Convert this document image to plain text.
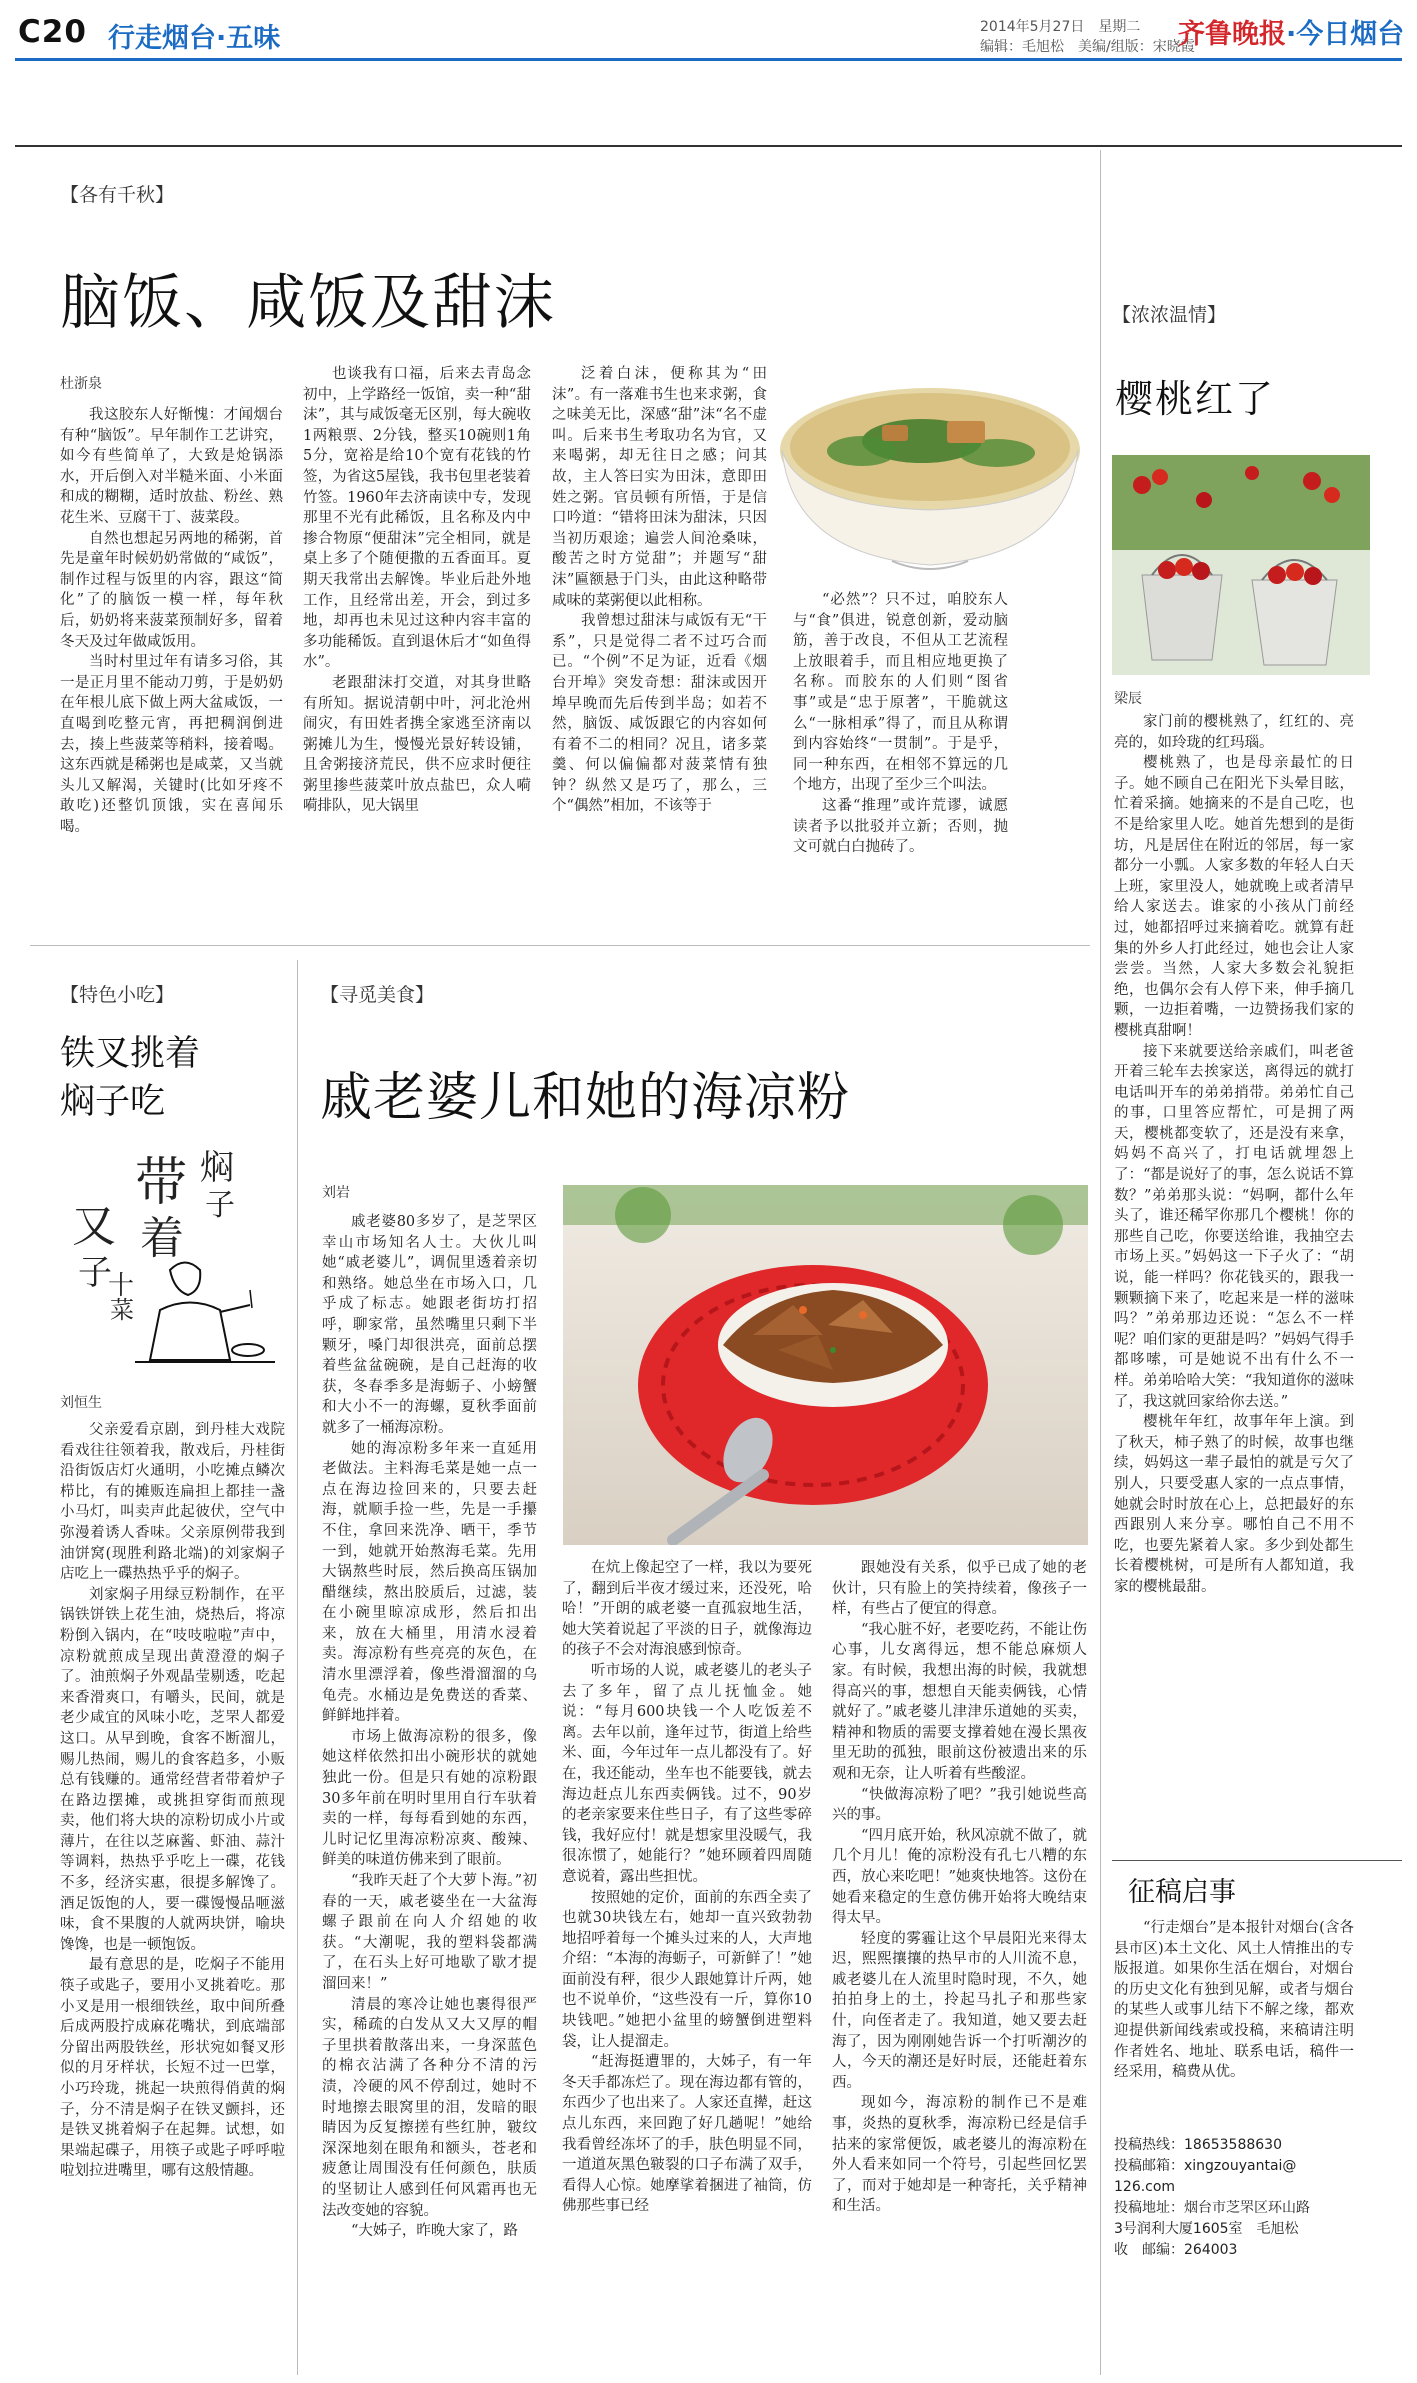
C20 行走烟台·五味	2014年5月27日　星期二
编辑：毛旭松　美编/组版：宋晓霞
齐鲁晚报·今日烟台
【各有千秋】
脑饭、咸饭及甜沫
杜浙泉

我这胶东人好惭愧：才闻烟台有种“脑饭”。早年制作工艺讲究，如今有些简单了，大致是炝锅添水，开后倒入对半糙米面、小米面和成的糊糊，适时放盐、粉丝、熟花生米、豆腐干丁、菠菜段。

自然也想起另两地的稀粥，首先是童年时候奶奶常做的“咸饭”，制作过程与饭里的内容，跟这“简化”了的脑饭一模一样，每年秋后，奶奶将来菠菜预制好多，留着冬天及过年做咸饭用。

当时村里过年有请多习俗，其一是正月里不能动刀剪，于是奶奶在年根儿底下做上两大盆咸饭，一直喝到吃整元宵，再把稠润倒进去，揍上些菠菜等稍料，接着喝。这东西就是稀粥也是咸菜，又当就头儿又解渴，关键时(比如牙疼不敢吃)还整饥顶饿，实在喜闻乐喝。

也谈我有口福，后来去青岛念初中，上学路经一饭馆，卖一种“甜沫”，其与咸饭毫无区别，每大碗收1两粮票、2分钱，整买10碗则1角5分，宽裕是给10个宽有花钱的竹签，为省这5屋钱，我书包里老装着竹签。1960年去济南读中专，发现那里不光有此稀饭，且名称及内中掺合物原“便甜沫”完全相同，就是桌上多了个随便撒的五香面耳。夏期天我常出去解馋。毕业后赴外地工作，且经常出差，开会，到过多地，却再也未见过这种内容丰富的多功能稀饭。直到退休后才“如鱼得水”。

老跟甜沫打交道，对其身世略有所知。据说清朝中叶，河北沧州闹灾，有田姓者携全家逃至济南以粥摊儿为生，慢慢光景好转设铺，且舍粥接济荒民，供不应求时便往粥里掺些菠菜叶放点盐巴，众人嗬嗬排队，见大锅里

泛着白沫，便称其为“田沫”。有一落难书生也来求粥，食之味美无比，深感“甜”沫“名不虚叫。后来书生考取功名为官，又来喝粥，却无往日之感；问其故，主人答曰实为田沫，意即田姓之粥。官员顿有所悟，于是信口吟道：“错将田沫为甜沫，只因当初历艰途；遍尝人间沧桑味，酸苦之时方觉甜”；并题写“甜沫”匾额悬于门头，由此这种略带咸味的菜粥便以此相称。

我曾想过甜沫与咸饭有无“干系”，只是觉得二者不过巧合而已。“个例”不足为证，近看《烟台开埠》突发奇想：甜沫或因开埠早晚而先后传到半岛；如若不然，脑饭、咸饭跟它的内容如何有着不二的相同？况且，诸多菜羹、何以偏偏都对菠菜情有独钟？纵然又是巧了，那么，三个“偶然”相加，不该等于

“必然”？只不过，咱胶东人与“食”俱进，锐意创新，爱动脑筋，善于改良，不但从工艺流程上放眼着手，而且相应地更换了名称。而胶东的人们则“图省事”或是“忠于原著”，干脆就这么“一脉相承”得了，而且从称谓到内容始终“一贯制”。于是乎，同一种东西，在相邻不算远的几个地方，出现了至少三个叫法。

这番“推理”或许荒谬，诚愿读者予以批驳并立新；否则，抛文可就白白抛砖了。

【浓浓温情】
樱桃红了
梁辰

家门前的樱桃熟了，红红的、亮亮的，如玲珑的红玛瑙。

樱桃熟了，也是母亲最忙的日子。她不顾自己在阳光下头晕目眩，忙着采摘。她摘来的不是自己吃，也不是给家里人吃。她首先想到的是街坊，凡是居住在附近的邻居，每一家都分一小瓢。人家多数的年轻人白天上班，家里没人，她就晚上或者清早给人家送去。谁家的小孩从门前经过，她都招呼过来摘着吃。就算有赶集的外乡人打此经过，她也会让人家尝尝。当然，人家大多数会礼貌拒绝，也偶尔会有人停下来，伸手摘几颗，一边拒着嘴，一边赞扬我们家的樱桃真甜啊！

接下来就要送给亲戚们，叫老爸开着三轮车去挨家送，离得远的就打电话叫开车的弟弟捎带。弟弟忙自己的事，口里答应帮忙，可是拥了两天，樱桃都变软了，还是没有来拿，妈妈不高兴了，打电话就埋怨上了：“都是说好了的事，怎么说话不算数？”弟弟那头说：“妈啊，都什么年头了，谁还稀罕你那几个樱桃！你的那些自己吃，你要送给谁，我抽空去市场上买。”妈妈这一下子火了：“胡说，能一样吗？你花钱买的，跟我一颗颗摘下来了，吃起来是一样的滋味吗？”弟弟那边还说：“怎么不一样呢？咱们家的更甜是吗？”妈妈气得手都哆嗦，可是她说不出有什么不一样。弟弟哈哈大笑：“我知道你的滋味了，我这就回家给你去送。”

樱桃年年红，故事年年上演。到了秋天，柿子熟了的时候，故事也继续，妈妈这一辈子最怕的就是亏欠了别人，只要受惠人家的一点点事情，她就会时时放在心上，总把最好的东西跟别人来分享。哪怕自己不用不吃，也要先紧着人家。多少到处都生长着樱桃树，可是所有人都知道，我家的樱桃最甜。

征稿启事

“行走烟台”是本报针对烟台(含各县市区)本土文化、风土人情推出的专版报道。如果你生活在烟台，对烟台的历史文化有独到见解，或者与烟台的某些人或事儿结下不解之缘，都欢迎提供新闻线索或投稿，来稿请注明作者姓名、地址、联系电话，稿件一经采用，稿费从优。

投稿热线：18653588630
投稿邮箱：xingzouyantai@
126.com
投稿地址：烟台市芝罘区环山路
3号润利大厦1605室　毛旭松
收　邮编：264003
【特色小吃】
铁叉挑着
焖子吃
又
带 焖
子
着
子
十
菜
刘恒生

父亲爱看京剧，到丹桂大戏院看戏往往领着我，散戏后，丹桂街沿街饭店灯火通明，小吃摊点鳞次栉比，有的摊贩连扁担上都挂一盏小马灯，叫卖声此起彼伏，空气中弥漫着诱人香味。父亲原例带我到油饼窝(现胜利路北端)的刘家焖子店吃上一碟热热乎乎的焖子。

刘家焖子用绿豆粉制作，在平锅铁饼铁上花生油，烧热后，将凉粉倒入锅内，在“吱吱啦啦”声中，凉粉就煎成呈现出黄澄澄的焖子了。油煎焖子外观晶莹剔透，吃起来香滑爽口，有嚼头，民间，就是老少咸宜的风味小吃，芝罘人都爱这口。从早到晚，食客不断溜儿，赐儿热闹，赐儿的食客趋多，小贩总有钱赚的。通常经营者带着炉子在路边摆摊，或挑担穿街而煎现卖，他们将大块的凉粉切成小片或薄片，在往以芝麻酱、虾油、蒜汁等调料，热热乎乎吃上一碟，花钱不多，经济实惠，很提多解馋了。酒足饭饱的人，要一碟馒慢品咂滋味，食不果腹的人就两块饼，喻块馋馋，也是一顿饱饭。

最有意思的是，吃焖子不能用筷子或匙子，要用小叉挑着吃。那小叉是用一根细铁丝，取中间所叠后成两股拧成麻花嘴状，到底端部分留出两股铁丝，形状宛如餐叉形似的月牙样状，长短不过一巴掌，小巧玲珑，挑起一块煎得俏黄的焖子，分不清是焖子在铁叉颤抖，还是铁叉挑着焖子在起舞。试想，如果端起碟子，用筷子或匙子呼呼啦啦划拉进嘴里，哪有这般情趣。

【寻觅美食】
戚老婆儿和她的海凉粉
刘岩

戚老婆80多岁了，是芝罘区幸山市场知名人士。大伙儿叫她“戚老婆儿”，调侃里透着亲切和熟络。她总坐在市场入口，几乎成了标志。她跟老街坊打招呼，聊家常，虽然嘴里只剩下半颗牙，嗓门却很洪亮，面前总摆着些盆盆碗碗，是自己赶海的收获，冬春季多是海蛎子、小螃蟹和大小不一的海螺，夏秋季面前就多了一桶海凉粉。

她的海凉粉多年来一直延用老做法。主料海毛菜是她一点一点在海边捡回来的，只要去赶海，就顺手捡一些，先是一手攥不住，拿回来洗净、晒干，季节一到，她就开始熬海毛菜。先用大锅熬些时辰，然后换高压锅加醋继续，熬出胶质后，过滤，装在小碗里晾凉成形，然后扣出来，放在大桶里，用清水浸着卖。海凉粉有些亮亮的灰色，在清水里漂浮着，像些滑溜溜的乌龟壳。水桶边是免费送的香菜、鲜鲜地拌着。

市场上做海凉粉的很多，像她这样依然扣出小碗形状的就她独此一份。但是只有她的凉粉跟30多年前在明时里用自行车驮着卖的一样，每每看到她的东西，儿时记忆里海凉粉凉爽、酸辣、鲜美的味道仿佛来到了眼前。

“我昨天赶了个大萝卜海。”初春的一天，戚老婆坐在一大盆海螺子跟前在向人介绍她的收获。“大潮呢，我的塑料袋都满了，在石头上好可地歇了歇才提溜回来！”

清晨的寒冷让她也裹得很严实，稀疏的白发从又大又厚的帽子里拱着散落出来，一身深蓝色的棉衣沾满了各种分不清的污渍，冷硬的风不停刮过，她时不时地擦去眼窝里的泪，发暗的眼睛因为反复擦搓有些红肿，皲纹深深地刻在眼角和额头，苍老和疲惫让周围没有任何颜色，肤质的坚韧让人感到任何风霜再也无法改变她的容貌。

“大姊子，昨晚大家了，路

在炕上像起空了一样，我以为要死了，翻到后半夜才缓过来，还没死，哈哈！”开朗的戚老婆一直孤寂地生活，她大笑着说起了平淡的日子，就像海边的孩子不会对海浪感到惊奇。

听市场的人说，戚老婆儿的老头子去了多年，留了点儿抚恤金。她说：“每月600块钱一个人吃饭差不离。去年以前，逢年过节，街道上给些米、面，今年过年一点儿都没有了。好在，我还能动，坐车也不能要钱，就去海边赶点儿东西卖俩钱。过不，90岁的老亲家要来住些日子，有了这些零碎钱，我好应付！就是想家里没暖气，我很冻惯了，她能行？”她环顾着四周随意说着，露出些担忧。

按照她的定价，面前的东西全卖了也就30块钱左右，她却一直兴致勃勃地招呼着每一个摊头过来的人，大声地介绍：“本海的海蛎子，可新鲜了！”她面前没有秤，很少人跟她算计斤两，她也不说单价，“这些没有一斤，算你10块钱吧。”她把小盆里的螃蟹倒进塑料袋，让人提溜走。

“赶海挺遭罪的，大姊子，有一年冬天手都冻烂了。现在海边都有管的，东西少了也出来了。人家还直撵，赶这点儿东西，来回跑了好几趟呢！”她给我看曾经冻坏了的手，肤色明显不同，一道道灰黑色皲裂的口子布满了双手，看得人心惊。她摩挲着捆进了袖筒，仿佛那些事已经

跟她没有关系，似乎已成了她的老伙计，只有脸上的笑持续着，像孩子一样，有些占了便宜的得意。

“我心脏不好，老要吃药，不能让伤心事，儿女离得远，想不能总麻烦人家。有时候，我想出海的时候，我就想得高兴的事，想想自天能卖俩钱，心情就好了。”戚老婆儿津津乐道她的买卖，精神和物质的需要支撑着她在漫长黑夜里无助的孤独，眼前这份被遗出来的乐观和无奈，让人听着有些酸涩。

“快做海凉粉了吧？”我引她说些高兴的事。

“四月底开始，秋风凉就不做了，就几个月儿！俺的凉粉没有孔七八糟的东西，放心来吃吧！”她爽快地答。这份在她看来稳定的生意仿佛开始将大晚结束得太早。

轻度的雾霾让这个早晨阳光来得太迟，熙熙攘攘的热早市的人川流不息，戚老婆儿在人流里时隐时现，不久，她拍拍身上的土，拎起马扎子和那些家什，向侄者走了。我知道，她又要去赶海了，因为刚刚她告诉一个打听潮汐的人，今天的潮还是好时辰，还能赶着东西。

现如今，海凉粉的制作已不是难事，炎热的夏秋季，海凉粉已经是信手拈来的家常便饭，戚老婆儿的海凉粉在外人看来如同一个符号，引起些回忆罢了，而对于她却是一种寄托，关乎精神和生活。
